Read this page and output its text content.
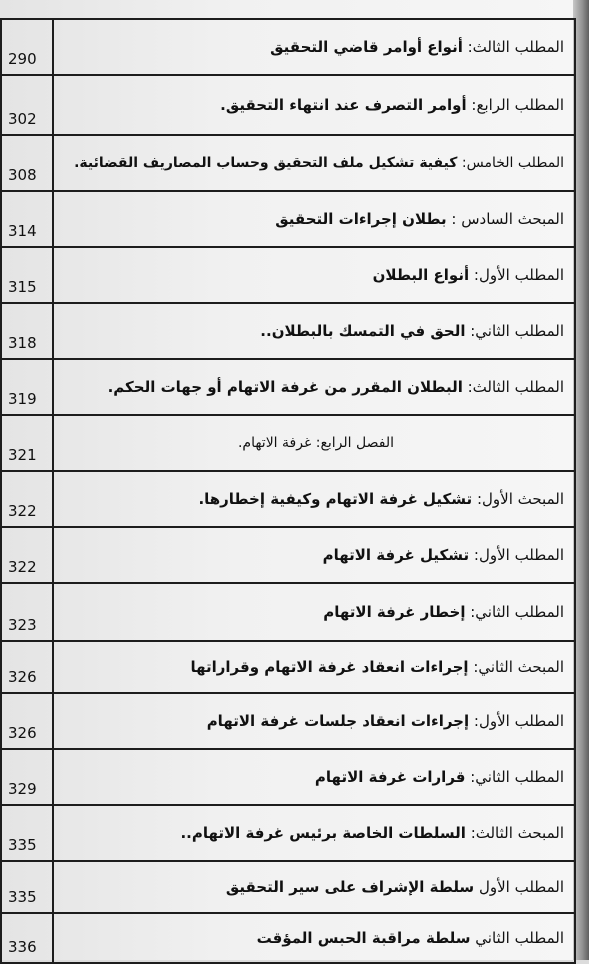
290	المطلب الثالث: أنواع أوامر قاضي التحقيق
302	المطلب الرابع: أوامر التصرف عند انتهاء التحقيق.
308	المطلب الخامس: كيفية تشكيل ملف التحقيق وحساب المصاريف القضائية.
314	المبحث السادس : بطلان إجراءات التحقيق
315	المطلب الأول: أنواع البطلان
318	المطلب الثاني: الحق في التمسك بالبطلان..
319	المطلب الثالث: البطلان المقرر من غرفة الاتهام أو جهات الحكم.
321	الفصل الرابع: غرفة الاتهام.
322	المبحث الأول: تشكيل غرفة الاتهام وكيفية إخطارها.
322	المطلب الأول: تشكيل غرفة الاتهام
323	المطلب الثاني: إخطار غرفة الاتهام
326	المبحث الثاني: إجراءات انعقاد غرفة الاتهام وقراراتها
326	المطلب الأول: إجراءات انعقاد جلسات غرفة الاتهام
329	المطلب الثاني: قرارات غرفة الاتهام
335	المبحث الثالث: السلطات الخاصة برئيس غرفة الاتهام..
335	المطلب الأول سلطة الإشراف على سير التحقيق
336	المطلب الثاني سلطة مراقبة الحبس المؤقت
